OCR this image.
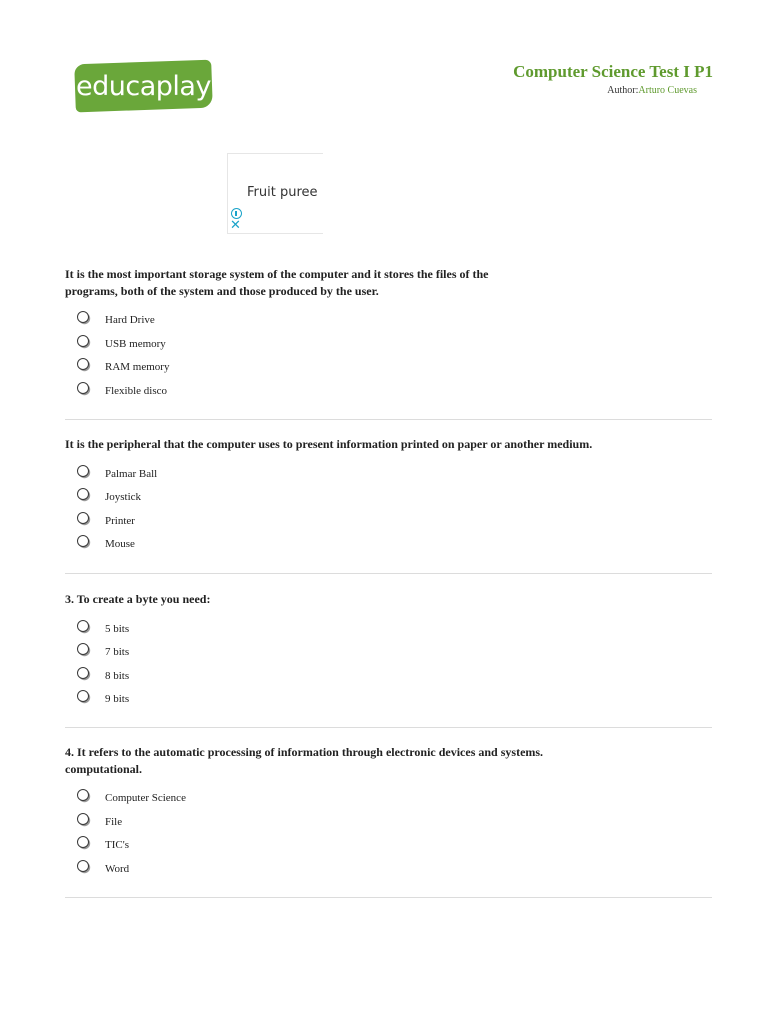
educaplay	Computer Science Test I P1
Author:Arturo Cuevas
Fruit puree
✕
It is the most important storage system of the computer and it stores the files of the programs, both of the system and those produced by the user.
Hard Drive
USB memory
RAM memory
Flexible disco
It is the peripheral that the computer uses to present information printed on paper or another medium.
Palmar Ball
Joystick
Printer
Mouse
3. To create a byte you need:
5 bits
7 bits
8 bits
9 bits
4. It refers to the automatic processing of information through electronic devices and systems. computational.
Computer Science
File
TIC's
Word
